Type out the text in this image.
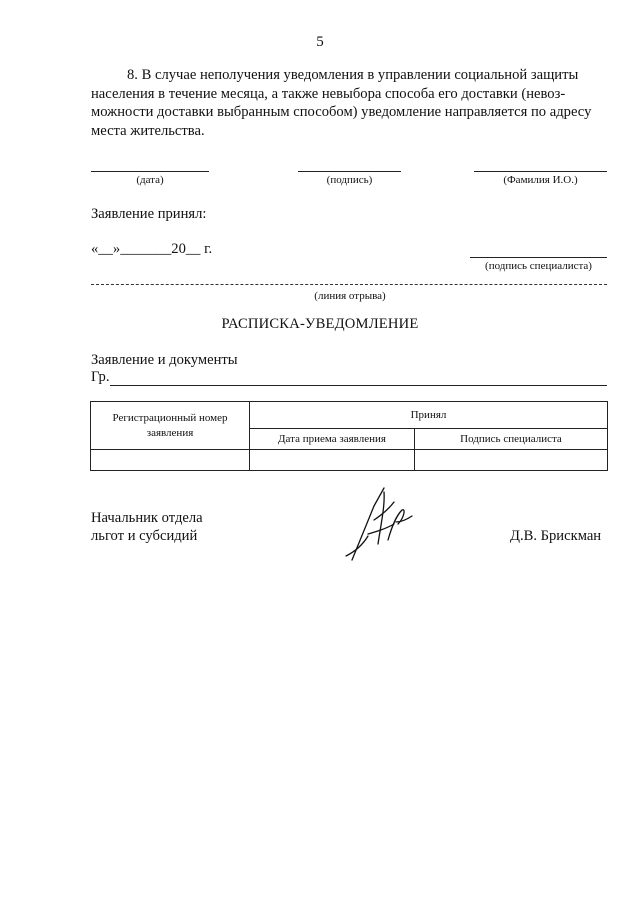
5
8. В случае неполучения уведомления в управлении социальной защиты
населения в течение месяца, а также невыбора способа его доставки (невоз-
можности доставки выбранным способом) уведомление направляется по адресу
места жительства.
(дата)	(подпись)	(Фамилия И.О.)
Заявление принял:
«__»_______20__ г.
(подпись специалиста)
(линия отрыва)
РАСПИСКА-УВЕДОМЛЕНИЕ
Заявление и документы
Гр.
Регистрационный номер заявления	Принял	
	Дата приема заявления	Подпись специалиста

Начальник отдела
льгот и субсидий	Д.В. Брискман
